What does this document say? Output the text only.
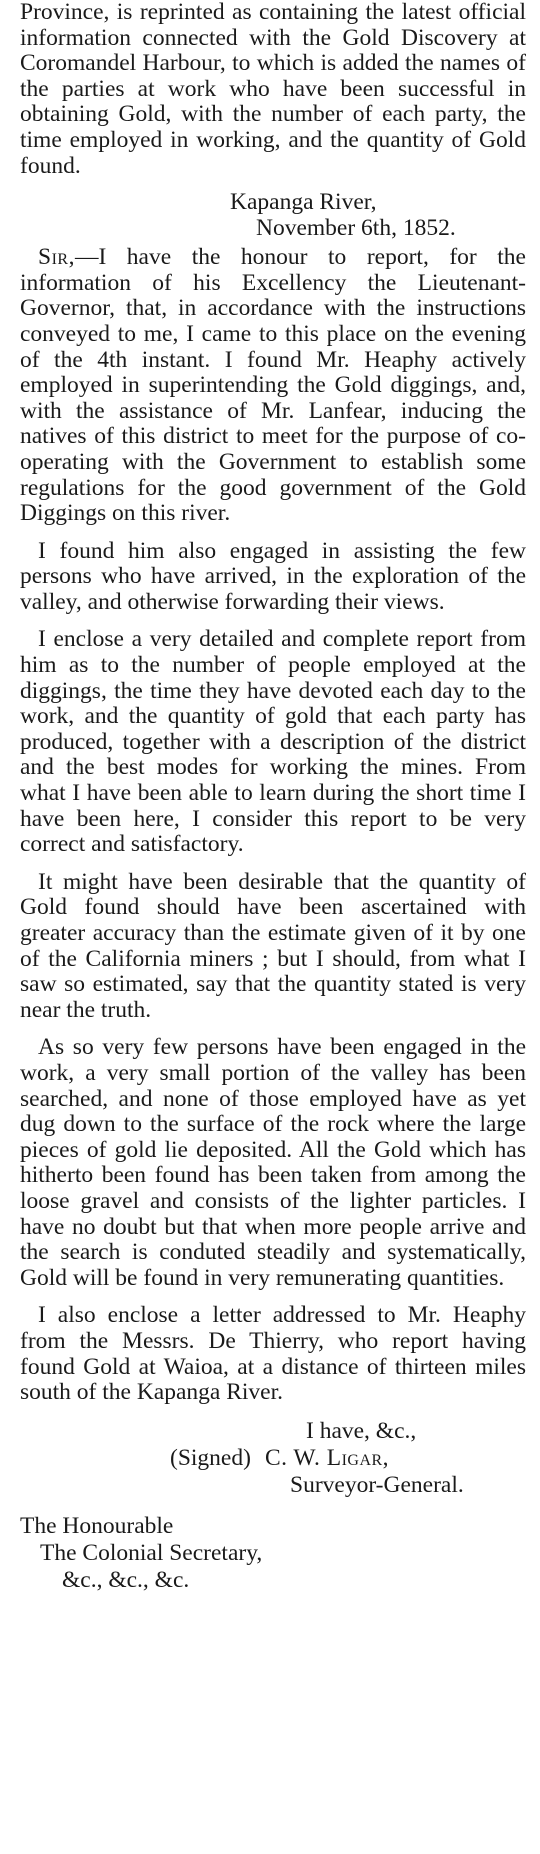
Province, is reprinted as containing the latest official information connected with the Gold Discovery at Coromandel Harbour, to which is added the names of the parties at work who have been successful in obtaining Gold, with the number of each party, the time employed in working, and the quantity of Gold found.

Kapanga River,
November 6th, 1852.

Sir,—I have the honour to report, for the information of his Excellency the Lieutenant-Governor, that, in accordance with the instructions conveyed to me, I came to this place on the evening of the 4th instant. I found Mr. Heaphy actively employed in superintending the Gold diggings, and, with the assistance of Mr. Lanfear, inducing the natives of this district to meet for the purpose of co-operating with the Government to establish some regulations for the good government of the Gold Diggings on this river.

I found him also engaged in assisting the few persons who have arrived, in the exploration of the valley, and otherwise forwarding their views.

I enclose a very detailed and complete report from him as to the number of people employed at the diggings, the time they have devoted each day to the work, and the quantity of gold that each party has produced, together with a description of the district and the best modes for working the mines. From what I have been able to learn during the short time I have been here, I consider this report to be very correct and satisfactory.

It might have been desirable that the quantity of Gold found should have been ascertained with greater accuracy than the estimate given of it by one of the California miners ; but I should, from what I saw so estimated, say that the quantity stated is very near the truth.

As so very few persons have been engaged in the work, a very small portion of the valley has been searched, and none of those employed have as yet dug down to the surface of the rock where the large pieces of gold lie deposited. All the Gold which has hitherto been found has been taken from among the loose gravel and consists of the lighter particles. I have no doubt but that when more people arrive and the search is conduted steadily and systematically, Gold will be found in very remunerating quantities.

I also enclose a letter addressed to Mr. Heaphy from the Messrs. De Thierry, who report having found Gold at Waioa, at a distance of thirteen miles south of the Kapanga River.

I have, &c.,
(Signed) C. W. Ligar,
Surveyor-General.
The Honourable
The Colonial Secretary,
&c., &c., &c.
